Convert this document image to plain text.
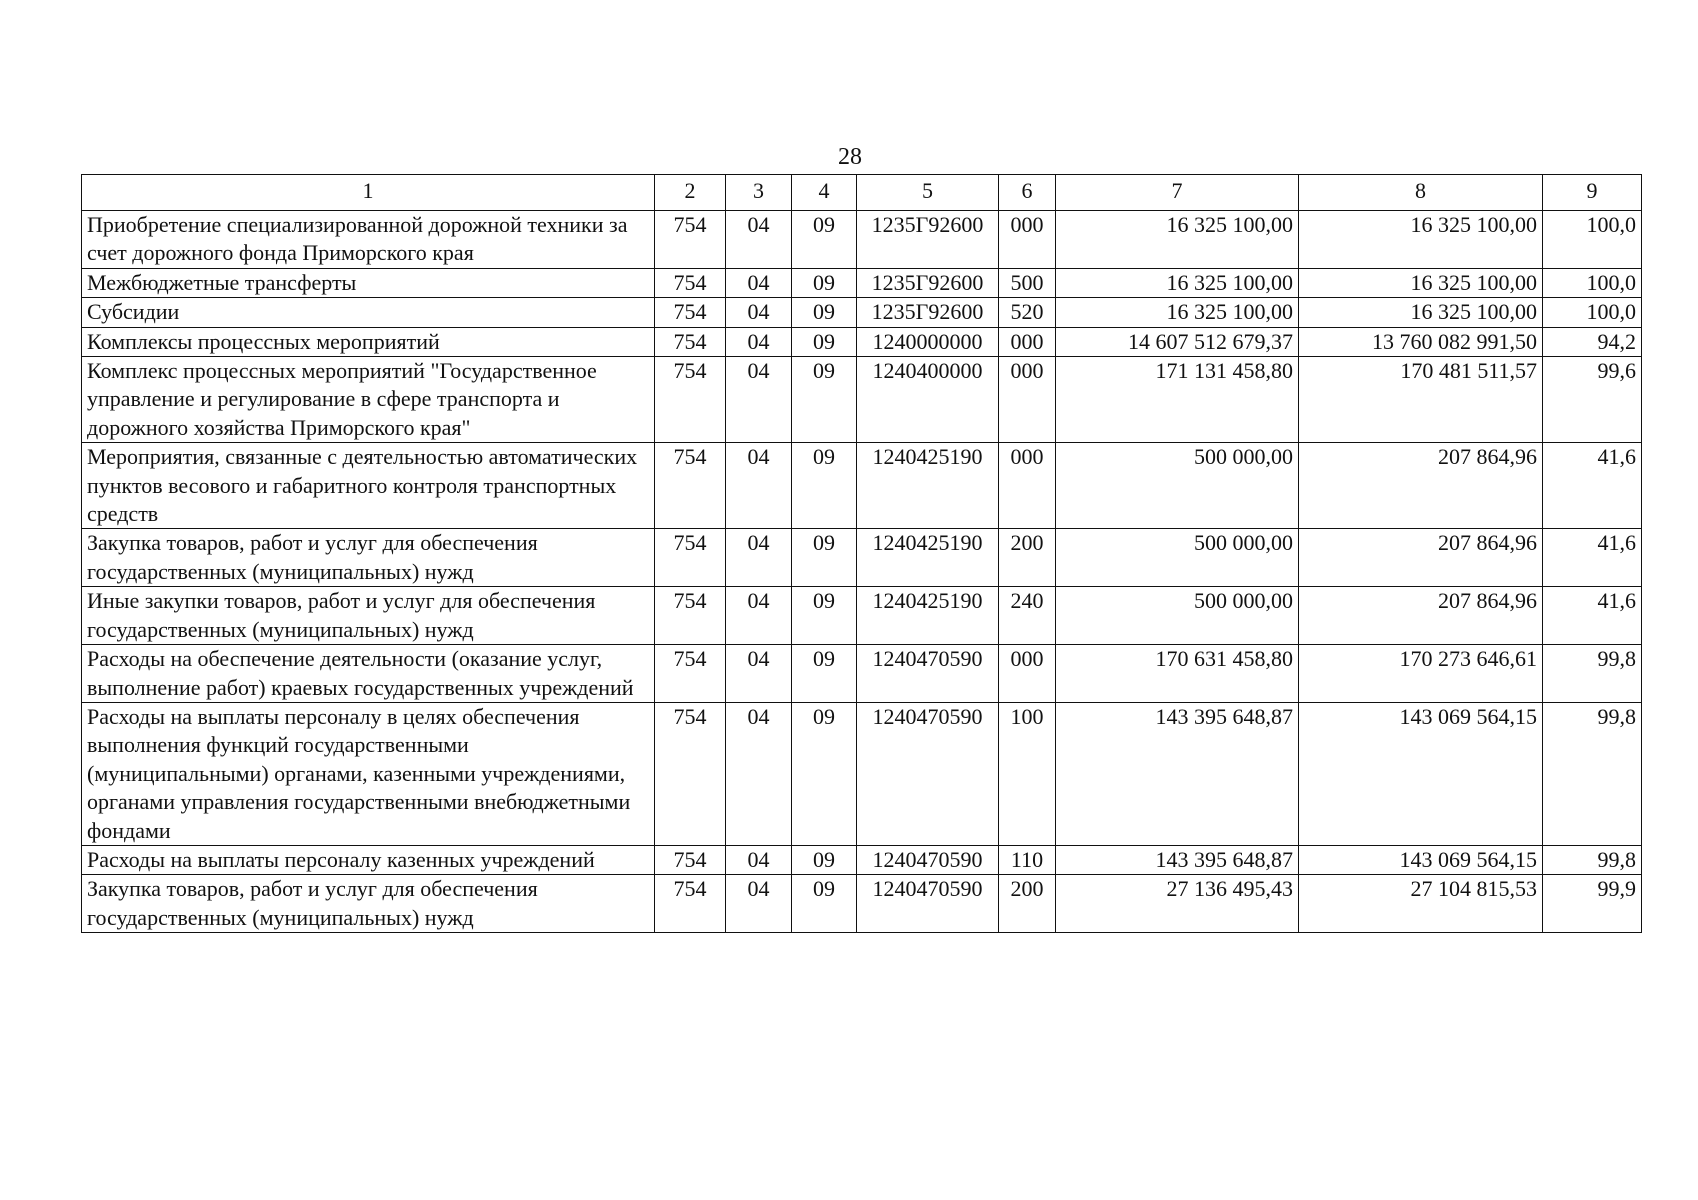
28
1	2	3	4	5	6	7	8	9
Приобретение специализированной дорожной техники за счет дорожного фонда Приморского края	754	04	09	1235Г92600	000	16 325 100,00	16 325 100,00	100,0
Межбюджетные трансферты	754	04	09	1235Г92600	500	16 325 100,00	16 325 100,00	100,0
Субсидии	754	04	09	1235Г92600	520	16 325 100,00	16 325 100,00	100,0
Комплексы процессных мероприятий	754	04	09	1240000000	000	14 607 512 679,37	13 760 082 991,50	94,2
Комплекс процессных мероприятий "Государственное управление и регулирование в сфере транспорта и дорожного хозяйства Приморского края"	754	04	09	1240400000	000	171 131 458,80	170 481 511,57	99,6
Мероприятия, связанные с деятельностью автоматических пунктов весового и габаритного контроля транспортных средств	754	04	09	1240425190	000	500 000,00	207 864,96	41,6
Закупка товаров, работ и услуг для обеспечения государственных (муниципальных) нужд	754	04	09	1240425190	200	500 000,00	207 864,96	41,6
Иные закупки товаров, работ и услуг для обеспечения государственных (муниципальных) нужд	754	04	09	1240425190	240	500 000,00	207 864,96	41,6
Расходы на обеспечение деятельности (оказание услуг, выполнение работ) краевых государственных учреждений	754	04	09	1240470590	000	170 631 458,80	170 273 646,61	99,8
Расходы на выплаты персоналу в целях обеспечения выполнения функций государственными (муниципальными) органами, казенными учреждениями, органами управления государственными внебюджетными фондами	754	04	09	1240470590	100	143 395 648,87	143 069 564,15	99,8
Расходы на выплаты персоналу казенных учреждений	754	04	09	1240470590	110	143 395 648,87	143 069 564,15	99,8
Закупка товаров, работ и услуг для обеспечения государственных (муниципальных) нужд	754	04	09	1240470590	200	27 136 495,43	27 104 815,53	99,9
